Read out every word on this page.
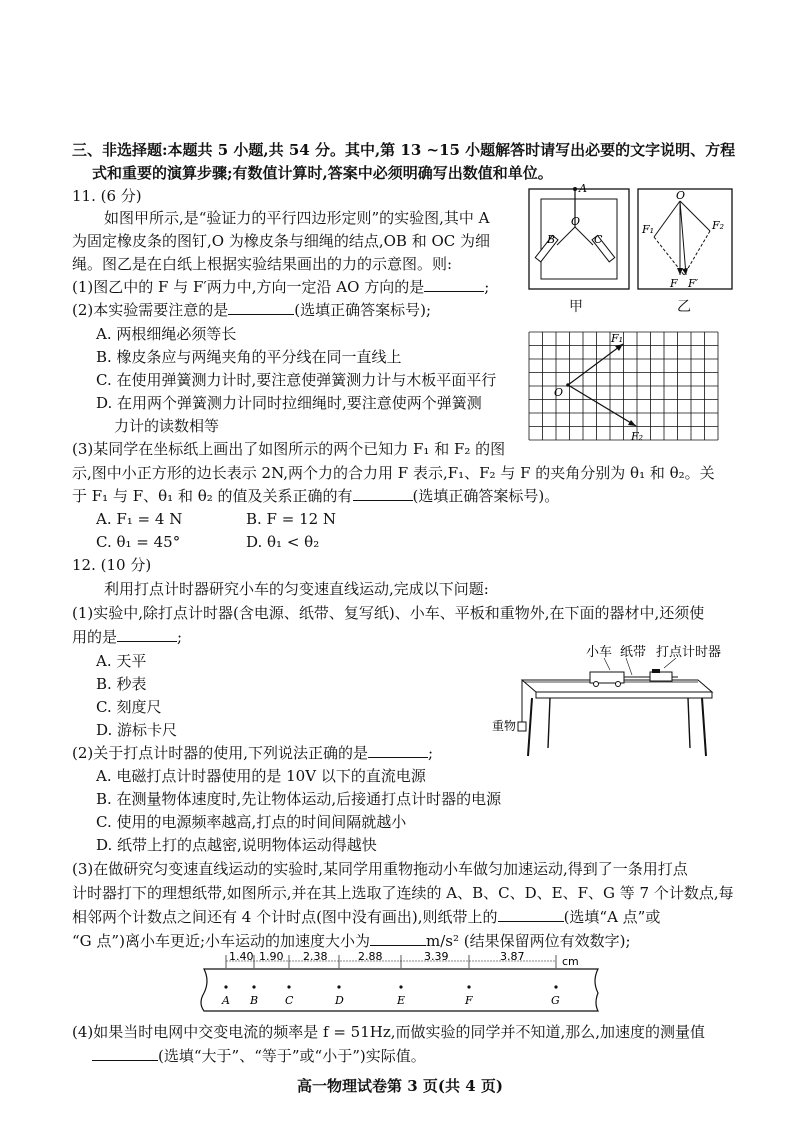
三、非选择题:本题共 5 小题,共 54 分。其中,第 13 ~15 小题解答时请写出必要的文字说明、方程
式和重要的演算步骤;有数值计算时,答案中必须明确写出数值和单位。
11. (6 分)
如图甲所示,是“验证力的平行四边形定则”的实验图,其中 A
为固定橡皮条的图钉,O 为橡皮条与细绳的结点,OB 和 OC 为细
绳。图乙是在白纸上根据实验结果画出的力的示意图。则:
(1)图乙中的 F 与 F′两力中,方向一定沿 AO 方向的是	;
(2)本实验需要注意的是	(选填正确答案标号);
A. 两根细绳必须等长
B. 橡皮条应与两绳夹角的平分线在同一直线上
C. 在使用弹簧测力计时,要注意使弹簧测力计与木板平面平行
D. 在用两个弹簧测力计同时拉细绳时,要注意使两个弹簧测
力计的读数相等
(3)某同学在坐标纸上画出了如图所示的两个已知力 F₁ 和 F₂ 的图
示,图中小正方形的边长表示 2N,两个力的合力用 F 表示,F₁、F₂ 与 F 的夹角分别为 θ₁ 和 θ₂。关
于 F₁ 与 F、θ₁ 和 θ₂ 的值及关系正确的有	(选填正确答案标号)。
A. F₁ = 4 N	B. F = 12 N
C. θ₁ = 45°	D. θ₁ < θ₂
A
O
B	C
甲
O
F₁	F₂
F F′
乙
O
F₁
F₂
12. (10 分)
利用打点计时器研究小车的匀变速直线运动,完成以下问题:
(1)实验中,除打点计时器(含电源、纸带、复写纸)、小车、平板和重物外,在下面的器材中,还须使
用的是	;
A. 天平
B. 秒表
C. 刻度尺
D. 游标卡尺
(2)关于打点计时器的使用,下列说法正确的是	;
A. 电磁打点计时器使用的是 10V 以下的直流电源
B. 在测量物体速度时,先让物体运动,后接通打点计时器的电源
C. 使用的电源频率越高,打点的时间间隔就越小
D. 纸带上打的点越密,说明物体运动得越快
(3)在做研究匀变速直线运动的实验时,某同学用重物拖动小车做匀加速运动,得到了一条用打点
计时器打下的理想纸带,如图所示,并在其上选取了连续的 A、B、C、D、E、F、G 等 7 个计数点,每
相邻两个计数点之间还有 4 个计时点(图中没有画出),则纸带上的	(选填“A 点”或
“G 点”)离小车更近;小车运动的加速度大小为	m/s² (结果保留两位有效数字);
小车 纸带 打点计时器
重物
1.40 1.90 2.38	2.88	3.39	3.87	cm
A B C	D	E	F	G
(4)如果当时电网中交变电流的频率是 f = 51Hz,而做实验的同学并不知道,那么,加速度的测量值
(选填“大于”、“等于”或“小于”)实际值。
高一物理试卷第 3 页(共 4 页)
